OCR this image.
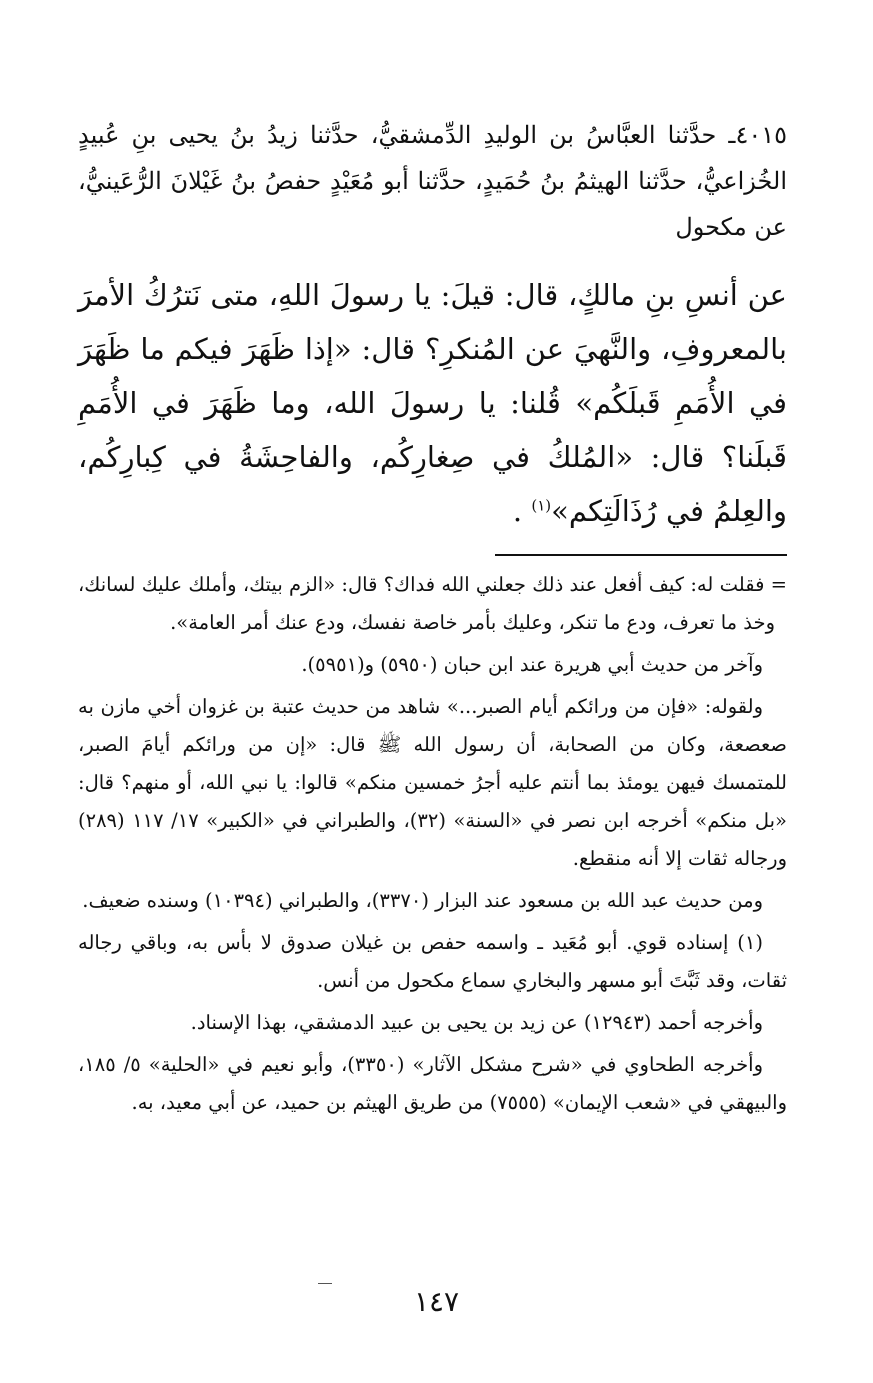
٤٠١٥ـ حدَّثنا العبَّاسُ بن الوليدِ الدِّمشقيُّ، حدَّثنا زيدُ بنُ يحيى بنِ عُبيدٍ الخُزاعيُّ، حدَّثنا الهيثمُ بنُ حُمَيدٍ، حدَّثنا أبو مُعَيْدٍ حفصُ بنُ غَيْلانَ الرُّعَينيُّ، عن مكحول

عن أنسِ بنِ مالكٍ، قال: قيلَ: يا رسولَ اللهِ، متى نَترُكُ الأمرَ بالمعروفِ، والنَّهيَ عن المُنكرِ؟ قال: «إذا ظَهَرَ فيكم ما ظَهَرَ في الأُمَمِ قَبلَكُم» قُلنا: يا رسولَ الله، وما ظَهَرَ في الأُمَمِ قَبلَنا؟ قال: «المُلكُ في صِغارِكُم، والفاحِشَةُ في كِبارِكُم، والعِلمُ في رُذَالَتِكم»$^{(١)}$ .

= فقلت له: كيف أفعل عند ذلك جعلني الله فداك؟ قال: «الزم بيتك، وأملك عليك لسانك، وخذ ما تعرف، ودع ما تنكر، وعليك بأمر خاصة نفسك، ودع عنك أمر العامة».

وآخر من حديث أبي هريرة عند ابن حبان (٥٩٥٠) و(٥٩٥١).

ولقوله: «فإن من ورائكم أيام الصبر...» شاهد من حديث عتبة بن غزوان أخي مازن به صعصعة، وكان من الصحابة، أن رسول الله ﷺ قال: «إن من ورائكم أيامَ الصبر، للمتمسك فيهن يومئذ بما أنتم عليه أجرُ خمسين منكم» قالوا: يا نبي الله، أو منهم؟ قال: «بل منكم» أخرجه ابن نصر في «السنة» (٣٢)، والطبراني في «الكبير» ١٧/ ١١٧ (٢٨٩) ورجاله ثقات إلا أنه منقطع.

ومن حديث عبد الله بن مسعود عند البزار (٣٣٧٠)، والطبراني (١٠٣٩٤) وسنده ضعيف.

(١) إسناده قوي. أبو مُعَيد ـ واسمه حفص بن غيلان صدوق لا بأس به، وباقي رجاله ثقات، وقد ثَبَّتَ أبو مسهر والبخاري سماع مكحول من أنس.

وأخرجه أحمد (١٢٩٤٣) عن زيد بن يحيى بن عبيد الدمشقي، بهذا الإسناد.

وأخرجه الطحاوي في «شرح مشكل الآثار» (٣٣٥٠)، وأبو نعيم في «الحلية» ٥/ ١٨٥، والبيهقي في «شعب الإيمان» (٧٥٥٥) من طريق الهيثم بن حميد، عن أبي معيد، به.

١٤٧
